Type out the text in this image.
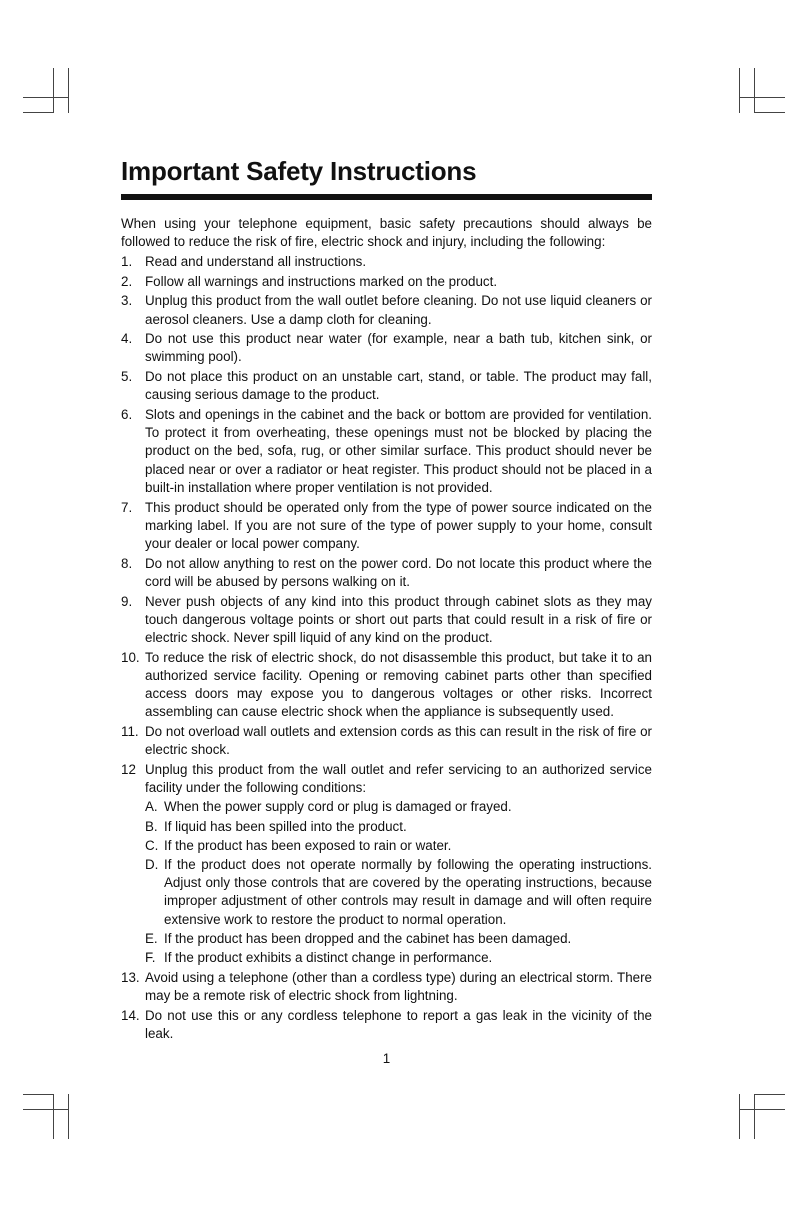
Important Safety Instructions

When using your telephone equipment, basic safety precautions should always be followed to reduce the risk of fire, electric shock and injury, including the following:

1. Read and understand all instructions.
2. Follow all warnings and instructions marked on the product.
3. Unplug this product from the wall outlet before cleaning. Do not use liquid cleaners or aerosol cleaners. Use a damp cloth for cleaning.
4. Do not use this product near water (for example, near a bath tub, kitchen sink, or swimming pool).
5. Do not place this product on an unstable cart, stand, or table. The product may fall, causing serious damage to the product.
6. Slots and openings in the cabinet and the back or bottom are provided for ventilation. To protect it from overheating, these openings must not be blocked by placing the product on the bed, sofa, rug, or other similar surface. This product should never be placed near or over a radiator or heat register. This product should not be placed in a built-in installation where proper ventilation is not provided.
7. This product should be operated only from the type of power source indicated on the marking label. If you are not sure of the type of power supply to your home, consult your dealer or local power company.
8. Do not allow anything to rest on the power cord. Do not locate this product where the cord will be abused by persons walking on it.
9. Never push objects of any kind into this product through cabinet slots as they may touch dangerous voltage points or short out parts that could result in a risk of fire or electric shock. Never spill liquid of any kind on the product.
10. To reduce the risk of electric shock, do not disassemble this product, but take it to an authorized service facility. Opening or removing cabinet parts other than specified access doors may expose you to dangerous voltages or other risks. Incorrect assembling can cause electric shock when the appliance is subsequently used.
11. Do not overload wall outlets and extension cords as this can result in the risk of fire or electric shock.
12 Unplug this product from the wall outlet and refer servicing to an authorized service facility under the following conditions:
A. When the power supply cord or plug is damaged or frayed.
B. If liquid has been spilled into the product.
C. If the product has been exposed to rain or water.
D. If the product does not operate normally by following the operating instructions. Adjust only those controls that are covered by the operating instructions, because improper adjustment of other controls may result in damage and will often require extensive work to restore the product to normal operation.
E. If the product has been dropped and the cabinet has been damaged.
F. If the product exhibits a distinct change in performance.
13. Avoid using a telephone (other than a cordless type) during an electrical storm. There may be a remote risk of electric shock from lightning.
14. Do not use this or any cordless telephone to report a gas leak in the vicinity of the leak.
1
